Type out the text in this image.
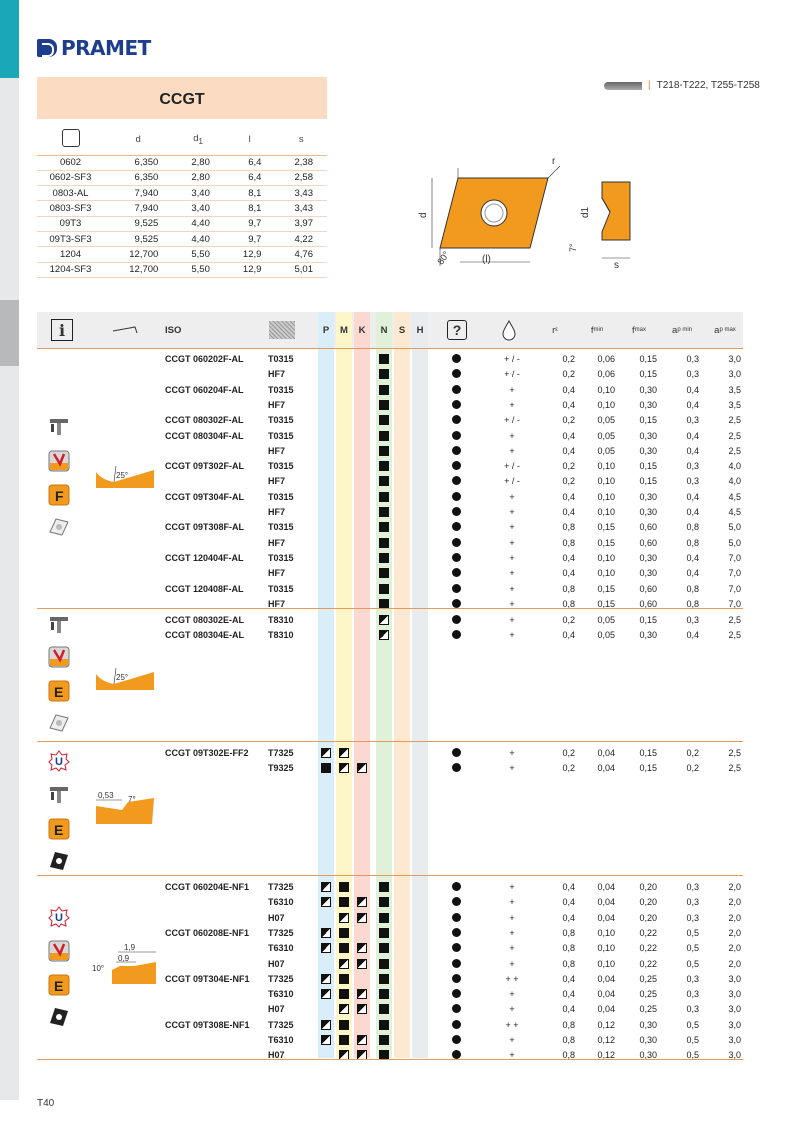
PRAMET
| T218-T222, T255-T258
CCGT
	d	$d_1$	l	s
0602	6,350	2,80	6,4	2,38
0602-SF3	6,350	2,80	6,4	2,58
0803-AL	7,940	3,40	8,1	3,43
0803-SF3	7,940	3,40	8,1	3,43
09T3	9,525	4,40	9,7	3,97
09T3-SF3	9,525	4,40	9,7	4,22
1204	12,700	5,50	12,9	4,76
1204-SF3	12,700	5,50	12,9	5,01
d
(l)
80°
r
d1
7°
s
i	ISO	P	M	K	N	S	H	?	r ε	f min	f max	a p min a p max
CCGT 060202F-AL	T0315	+ / -	0,2	0,06	0,15	0,3	3,0
HF7	+ / -	0,2	0,06	0,15	0,3	3,0
CCGT 060204F-AL	T0315	+	0,4	0,10	0,30	0,4	3,5
HF7	+	0,4	0,10	0,30	0,4	3,5
CCGT 080302F-AL	T0315	+ / -	0,2	0,05	0,15	0,3	2,5
CCGT 080304F-AL	T0315	+	0,4	0,05	0,30	0,4	2,5
HF7	+	0,4	0,05	0,30	0,4	2,5
CCGT 09T302F-AL	T0315	+ / -	0,2	0,10	0,15	0,3	4,0
HF7	+ / -	0,2	0,10	0,15	0,3	4,0
CCGT 09T304F-AL	T0315	+	0,4	0,10	0,30	0,4	4,5
HF7	+	0,4	0,10	0,30	0,4	4,5
CCGT 09T308F-AL	T0315	+	0,8	0,15	0,60	0,8	5,0
HF7	+	0,8	0,15	0,60	0,8	5,0
CCGT 120404F-AL	T0315	+	0,4	0,10	0,30	0,4	7,0
HF7	+	0,4	0,10	0,30	0,4	7,0
CCGT 120408F-AL	T0315	+	0,8	0,15	0,60	0,8	7,0
HF7	+	0,8	0,15	0,60	0,8	7,0
CCGT 080302E-AL	T8310	+	0,2	0,05	0,15	0,3	2,5
CCGT 080304E-AL	T8310	+	0,4	0,05	0,30	0,4	2,5
CCGT 09T302E-FF2 T7325	+	0,2	0,04	0,15	0,2	2,5
T9325	+	0,2	0,04	0,15	0,2	2,5
CCGT 060204E-NF1 T7325	+	0,4	0,04	0,20	0,3	2,0
T6310	+	0,4	0,04	0,20	0,3	2,0
H07	+	0,4	0,04	0,20	0,3	2,0
CCGT 060208E-NF1 T7325	+	0,8	0,10	0,22	0,5	2,0
T6310	+	0,8	0,10	0,22	0,5	2,0
H07	+	0,8	0,10	0,22	0,5	2,0
CCGT 09T304E-NF1 T7325	+ +	0,4	0,04	0,25	0,3	3,0
T6310	+	0,4	0,04	0,25	0,3	3,0
H07	+	0,4	0,04	0,25	0,3	3,0
CCGT 09T308E-NF1 T7325	+ +	0,8	0,12	0,30	0,5	3,0
T6310	+	0,8	0,12	0,30	0,5	3,0
H07	+	0,8	0,12	0,30	0,5	3,0
F
25°
E
25°
U
E
0,53 7°
U
E
1,9
0,9
10°
T40
